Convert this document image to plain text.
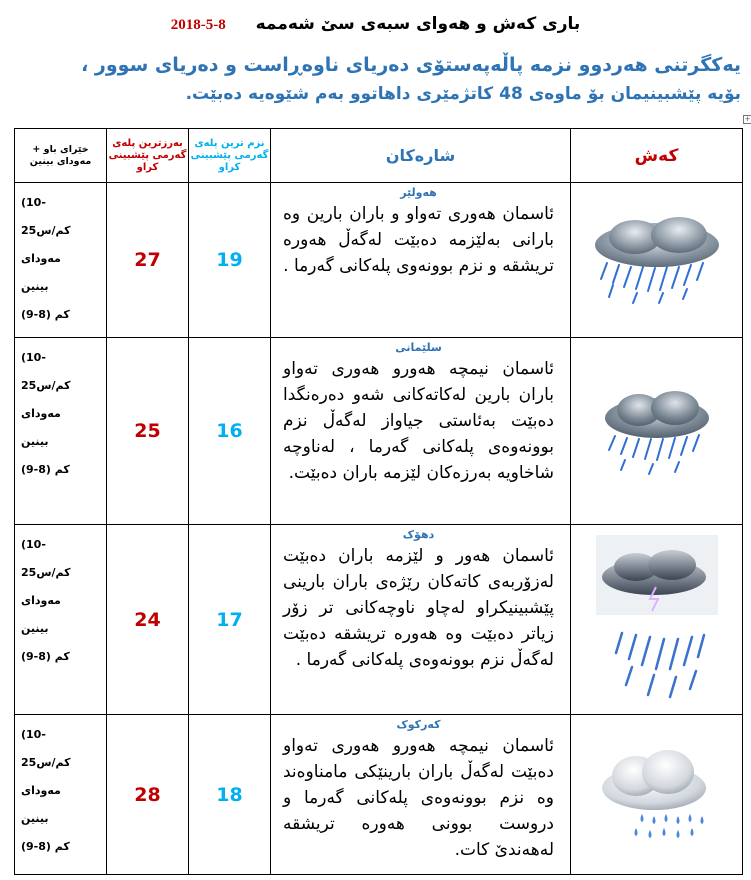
2018-5-8 باری کەش و هەوای سبەی سێ شەممە
یەکگرتنی هەردوو نزمە پاڵەپەستۆی دەریای ناوەڕاست و دەریای سوور ،
بۆیە پێشبینیمان بۆ ماوەی 48 کاتژمێری داهاتوو بەم شێوەیە دەبێت.
+
خێرای باو + مەودای بینین	بەرزترین پلەی گەرمی پێشبینی کراو	نزم ترین پلەی گەرمی پێشبینی کراو	شارەکان	کەش

(10-
25کم/س
مەودای
بینین
(9-8) کم	27	19	هەولێر
ئاسمان هەوری تەواو و باران بارین وە بارانی بەلێزمە دەبێت لەگەڵ هەورە تریشقە و نزم بوونەوی پلەکانی گەرما .

(10-
25کم/س
مەودای
بینین
(9-8) کم	25	16	سلێمانی
ئاسمان نیمچە هەورو هەوری تەواو باران بارین لەکاتەکانی شەو دەرەنگدا دەبێت بەئاستی جیاواز لەگەڵ نزم بوونەوەی پلەکانی گەرما ، لەناوچە شاخاویە بەرزەکان لێزمە باران دەبێت.

(10-
25کم/س
مەودای
بینین
(9-8) کم	24	17	دهۆک
ئاسمان هەور و لێزمە باران دەبێت لەزۆربەی کاتەکان رێژەی باران بارینی پێشبینیکراو لەچاو ناوچەکانی تر زۆر زیاتر دەبێت وە هەورە تریشقە دەبێت لەگەڵ نزم بوونەوەی پلەکانی گەرما .

(10-
25کم/س
مەودای
بینین
(9-8) کم	28	18	کەرکوک
ئاسمان نیمچە هەورو هەوری تەواو دەبێت لەگەڵ باران بارینێکی مامناوەند وە نزم بوونەوەی پلەکانی گەرما و دروست بوونی هەورە تریشقە لەهەندێ کات.
